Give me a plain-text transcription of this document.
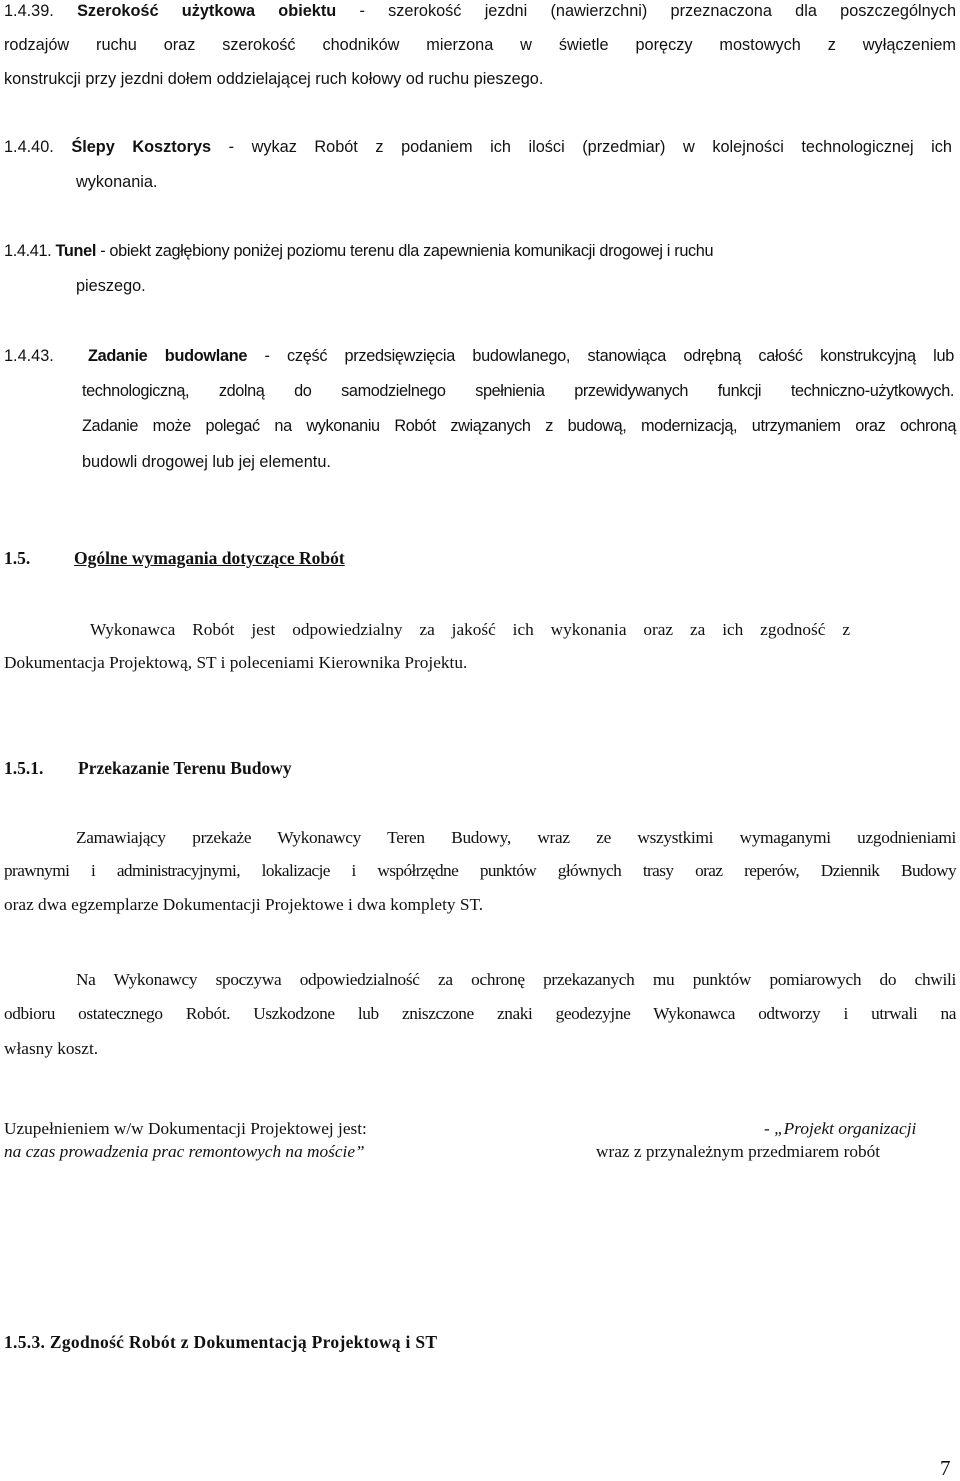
1.4.39. Szerokość użytkowa obiektu - szerokość jezdni (nawierzchni) przeznaczona dla poszczególnych
rodzajów ruchu oraz szerokość chodników mierzona w świetle poręczy mostowych z wyłączeniem
konstrukcji przy jezdni dołem oddzielającej ruch kołowy od ruchu pieszego.
1.4.40. Ślepy Kosztorys - wykaz Robót z podaniem ich ilości (przedmiar) w kolejności technologicznej ich
wykonania.
1.4.41. Tunel - obiekt zagłębiony poniżej poziomu terenu dla zapewnienia komunikacji drogowej i ruchu
pieszego.
1.4.43. Zadanie budowlane - część przedsięwzięcia budowlanego, stanowiąca odrębną całość konstrukcyjną lub
technologiczną, zdolną do samodzielnego spełnienia przewidywanych funkcji techniczno-użytkowych.
Zadanie może polegać na wykonaniu Robót związanych z budową, modernizacją, utrzymaniem oraz ochroną
budowli drogowej lub jej elementu.
1.5.	Ogólne wymagania dotyczące Robót
Wykonawca Robót jest odpowiedzialny za jakość ich wykonania oraz za ich zgodność z
Dokumentacja Projektową, ST i poleceniami Kierownika Projektu.
1.5.1. Przekazanie Terenu Budowy
Zamawiający przekaże Wykonawcy Teren Budowy, wraz ze wszystkimi wymaganymi uzgodnieniami
prawnymi i administracyjnymi, lokalizacje i współrzędne punktów głównych trasy oraz reperów, Dziennik Budowy
oraz dwa egzemplarze Dokumentacji Projektowe i dwa komplety ST.
Na Wykonawcy spoczywa odpowiedzialność za ochronę przekazanych mu punktów pomiarowych do chwili
odbioru ostatecznego Robót. Uszkodzone lub zniszczone znaki geodezyjne Wykonawca odtworzy i utrwali na
własny koszt.
Uzupełnieniem w/w Dokumentacji Projektowej jest:	- „Projekt organizacji
na czas prowadzenia prac remontowych na moście”	wraz z przynależnym przedmiarem robót
1.5.3. Zgodność Robót z Dokumentacją Projektową i ST
7
